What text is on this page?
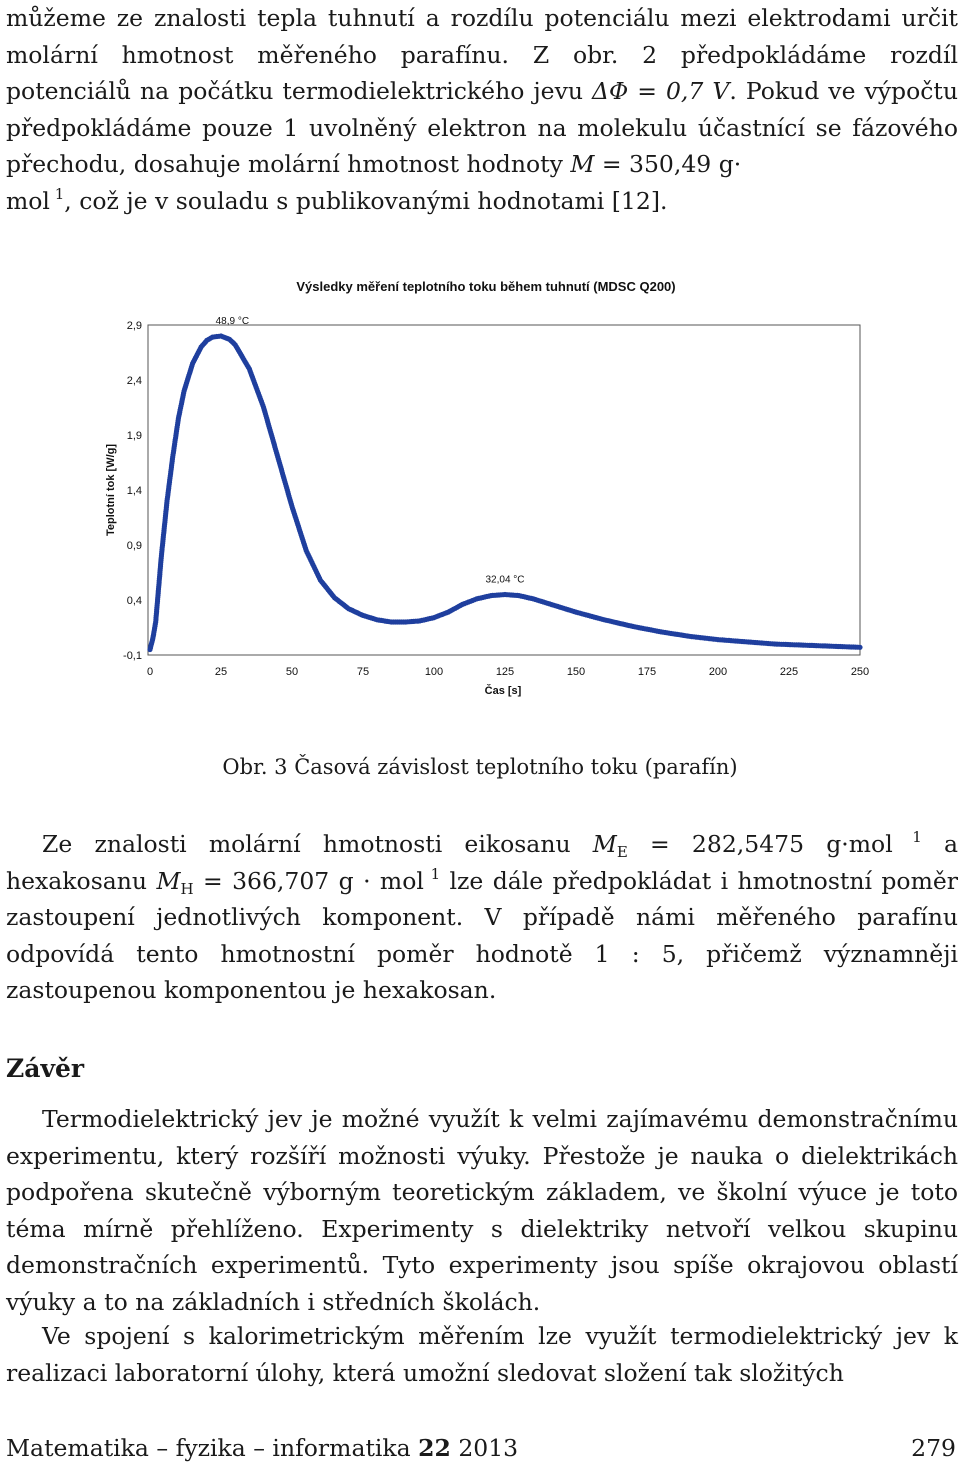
můžeme ze znalosti tepla tuhnutí a rozdílu potenciálu mezi elektrodami určit molární hmotnost měřeného parafínu. Z obr. 2 předpokládáme rozdíl potenciálů na počátku termodielektrického jevu ΔΦ = 0,7 V. Pokud ve výpočtu předpokládáme pouze 1 uvolněný elektron na molekulu účastnící se fázového přechodu, dosahuje molární hmotnost hodnoty M = 350,49 g·
mol $^1$, což je v souladu s publikovanými hodnotami [12].

Výsledky měření teplotního toku během tuhnutí (MDSC Q200)
0	25	50	75	100	125	150	175	200	225	250
-0,1
0,4
0,9
1,4
1,9
2,4
2,9	48,9 °C
32,04 °C
Čas [s]
Teplotní tok [W/g]
Obr. 3 Časová závislost teplotního toku (parafín)

Ze znalosti molární hmotnosti eikosanu $M_E = 282,5475$ g·mol $^1$ a hexakosanu $M_H = 366,707$ g · mol $^1$ lze dále předpokládat i hmotnostní poměr zastoupení jednotlivých komponent. V případě námi měřeného parafínu odpovídá tento hmotnostní poměr hodnotě 1 : 5, přičemž významněji zastoupenou komponentou je hexakosan.

Závěr

Termodielektrický jev je možné využít k velmi zajímavému demonstračnímu experimentu, který rozšíří možnosti výuky. Přestože je nauka o dielektrikách podpořena skutečně výborným teoretickým základem, ve školní výuce je toto téma mírně přehlíženo. Experimenty s dielektriky netvoří velkou skupinu demonstračních experimentů. Tyto experimenty jsou spíše okrajovou oblastí výuky a to na základních i středních školách.

Ve spojení s kalorimetrickým měřením lze využít termodielektrický jev k realizaci laboratorní úlohy, která umožní sledovat složení tak složitých

Matematika – fyzika – informatika 22 2013	279
